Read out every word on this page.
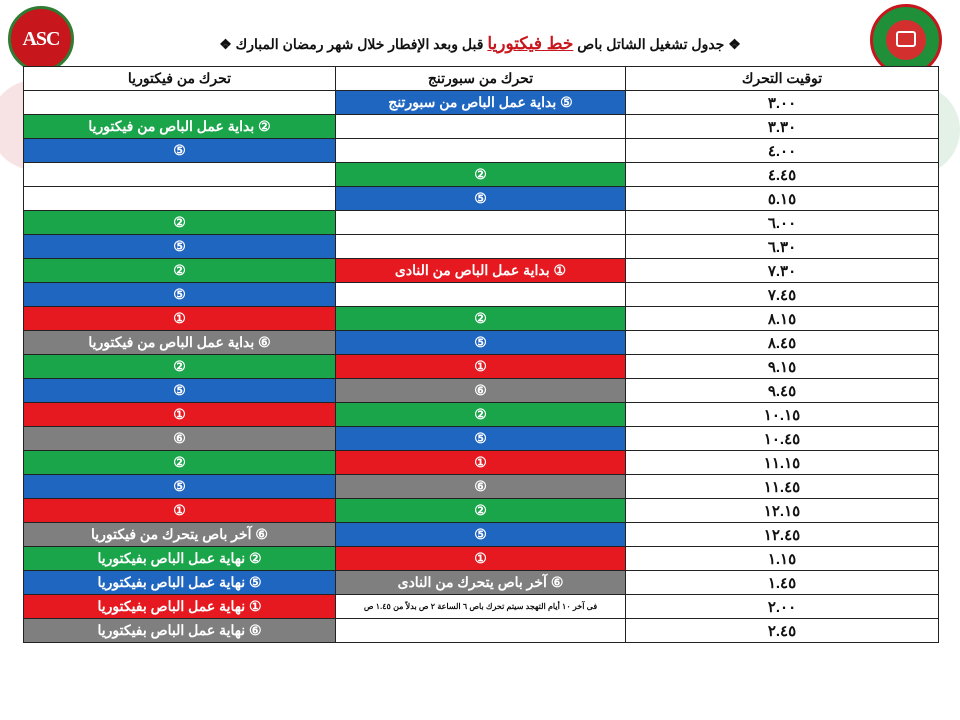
ASC	❖ جدول تشغيل الشاتل باص خط فيكتوريا قبل وبعد الإفطار خلال شهر رمضان المبارك ❖
توقيت التحرك	تحرك من سبورتنج	تحرك من فيكتوريا
٣.٠٠	⑤ بداية عمل الباص من سبورتنج	
٣.٣٠		② بداية عمل الباص من فيكتوريا
٤.٠٠		⑤
٤.٤٥	②	
٥.١٥	⑤	
٦.٠٠		②
٦.٣٠		⑤
٧.٣٠	① بداية عمل الباص من النادى	②
٧.٤٥		⑤
٨.١٥	②	①
٨.٤٥	⑤	⑥ بداية عمل الباص من فيكتوريا
٩.١٥	①	②
٩.٤٥	⑥	⑤
١٠.١٥	②	①
١٠.٤٥	⑤	⑥
١١.١٥	①	②
١١.٤٥	⑥	⑤
١٢.١٥	②	①
١٢.٤٥	⑤	⑥ آخر باص يتحرك من فيكتوريا
١.١٥	①	② نهاية عمل الباص بفيكتوريا
١.٤٥	⑥ آخر باص يتحرك من النادى	⑤ نهاية عمل الباص بفيكتوريا
٢.٠٠	فى آخر ١٠ أيام التهجد سيتم تحرك باص ٦ الساعة ٢ ص بدلاً من ١.٤٥ ص	① نهاية عمل الباص بفيكتوريا
٢.٤٥		⑥ نهاية عمل الباص بفيكتوريا
